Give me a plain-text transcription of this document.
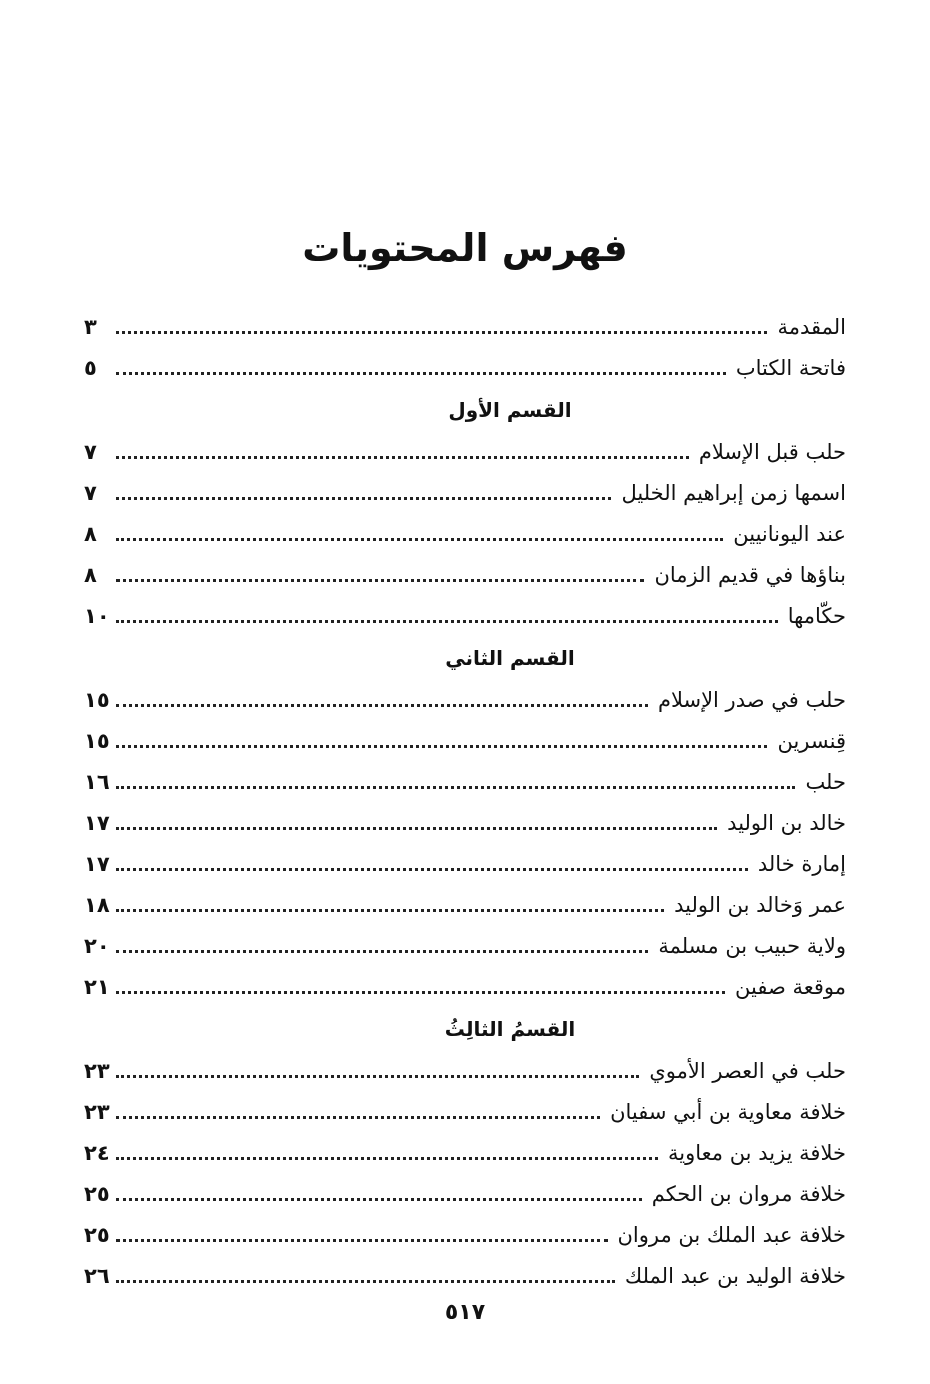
فهرس المحتويات
المقدمة
٣
فاتحة الكتاب
٥
القسم الأول
حلب قبل الإسلام
٧
اسمها زمن إبراهيم الخليل
٧
عند اليونانيين
٨
بناؤها في قديم الزمان
٨
حكّامها
١٠
القسم الثاني
حلب في صدر الإسلام
١٥
قِنسرين
١٥
حلب
١٦
خالد بن الوليد
١٧
إمارة خالد
١٧
عمر وَخالد بن الوليد
١٨
ولاية حبيب بن مسلمة
٢٠
موقعة صفين
٢١
القسمُ الثالِثُ
حلب في العصر الأموي
٢٣
خلافة معاوية بن أبي سفيان
٢٣
خلافة يزيد بن معاوية
٢٤
خلافة مروان بن الحكم
٢٥
خلافة عبد الملك بن مروان
٢٥
خلافة الوليد بن عبد الملك
٢٦
٥١٧
